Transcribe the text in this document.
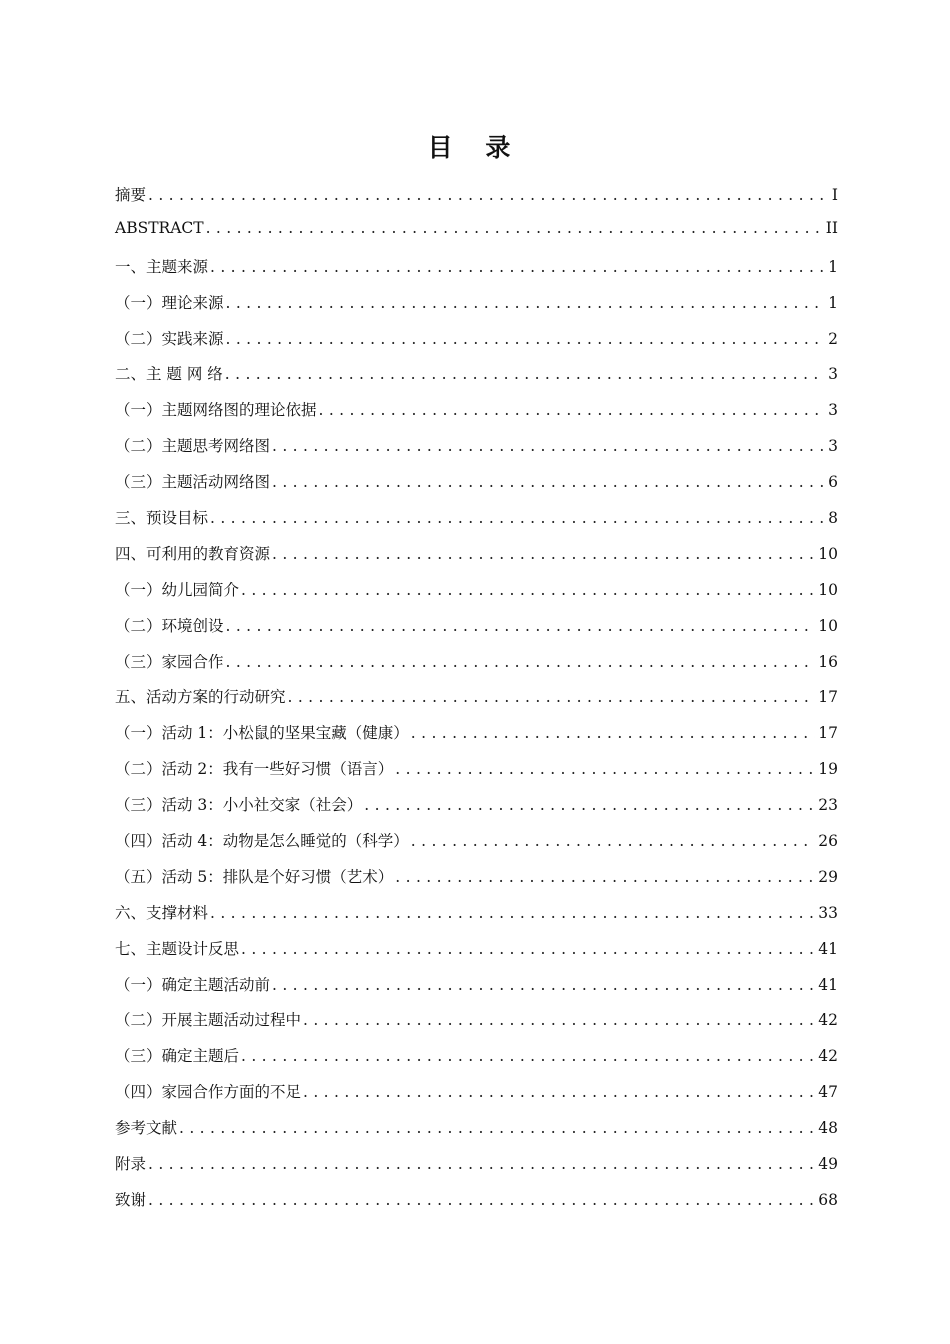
目 录
摘要 .....	I
ABSTRACT .....	II
一、主题来源 .....	1
（一）理论来源 .....	1
（二）实践来源 .....	2
二、主 题 网 络 .....	3
（一）主题网络图的理论依据 .....	3
（二）主题思考网络图 .....	3
（三）主题活动网络图 .....	6
三、预设目标 .....	8
四、可利用的教育资源 .....	10
（一）幼儿园简介 .....	10
（二）环境创设 .....	10
（三）家园合作 .....	16
五、活动方案的行动研究 .....	17
（一）活动 1：小松鼠的坚果宝藏（健康） .....	17
（二）活动 2：我有一些好习惯（语言） .....	19
（三）活动 3：小小社交家（社会） .....	23
（四）活动 4：动物是怎么睡觉的（科学） .....	26
（五）活动 5：排队是个好习惯（艺术） .....	29
六、支撑材料 .....	33
七、主题设计反思 .....	41
（一）确定主题活动前 .....	41
（二）开展主题活动过程中 .....	42
（三）确定主题后 .....	42
（四）家园合作方面的不足 .....	47
参考文献 .....	48
附录 .....	49
致谢 .....	68
